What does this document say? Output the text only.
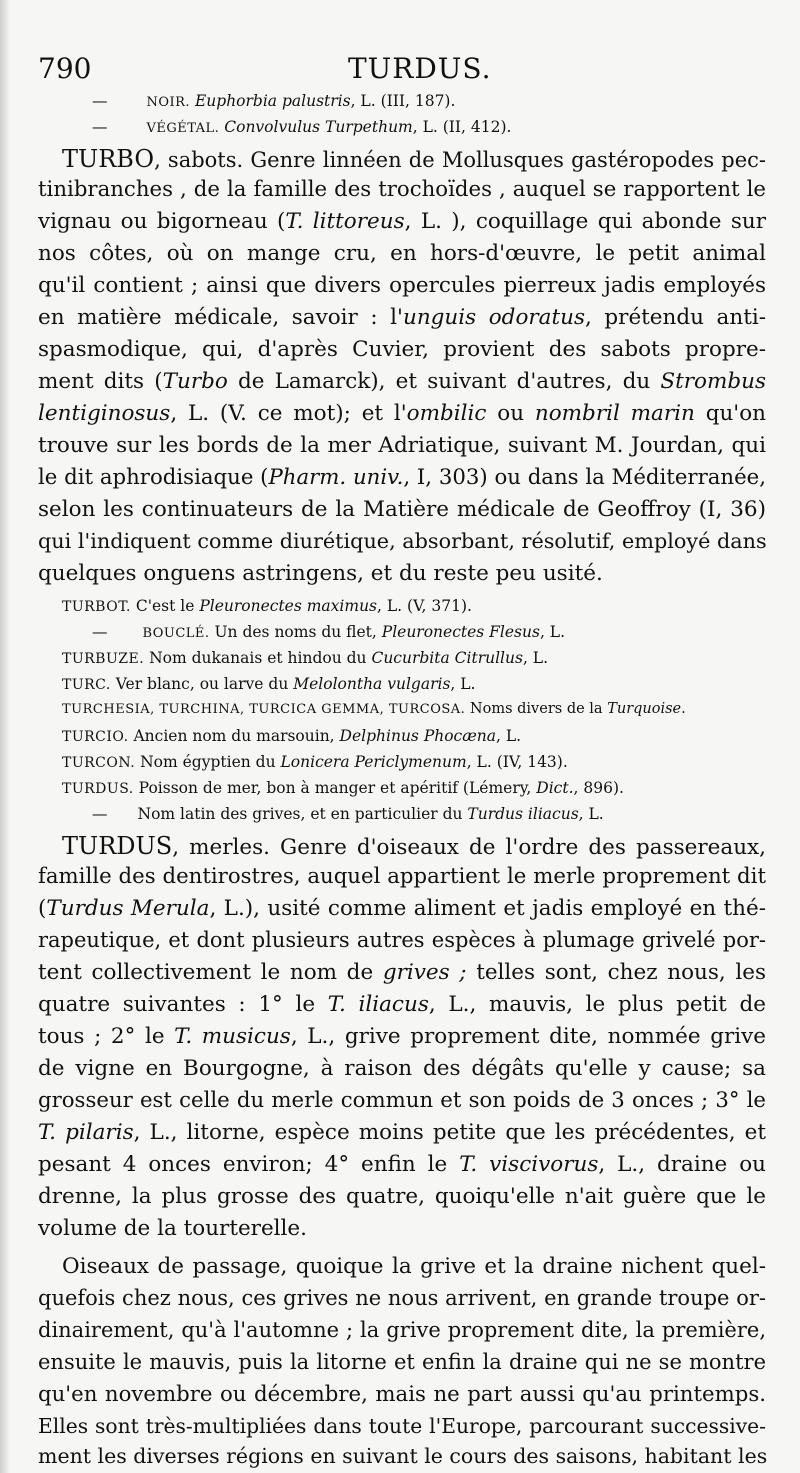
790	TURDUS.
—	NOIR. Euphorbia palustris, L. (III, 187).
—	VÉGÉTAL. Convolvulus Turpethum, L. (II, 412).
TURBO, sabots. Genre linnéen de Mollusques gastéropodes pec-
tinibranches , de la famille des trochoïdes , auquel se rapportent le
vignau ou bigorneau (T. littoreus, L. ), coquillage qui abonde sur
nos côtes, où on mange cru, en hors-d'œuvre, le petit animal
qu'il contient ; ainsi que divers opercules pierreux jadis employés
en matière médicale, savoir : l'unguis odoratus, prétendu anti-
spasmodique, qui, d'après Cuvier, provient des sabots propre-
ment dits (Turbo de Lamarck), et suivant d'autres, du Strombus
lentiginosus, L. (V. ce mot); et l'ombilic ou nombril marin qu'on
trouve sur les bords de la mer Adriatique, suivant M. Jourdan, qui
le dit aphrodisiaque (Pharm. univ., I, 303) ou dans la Méditerranée,
selon les continuateurs de la Matière médicale de Geoffroy (I, 36)
qui l'indiquent comme diurétique, absorbant, résolutif, employé dans
quelques onguens astringens, et du reste peu usité.
TURBOT. C'est le Pleuronectes maximus, L. (V, 371).
—	BOUCLÉ. Un des noms du flet, Pleuronectes Flesus, L.
TURBUZE. Nom dukanais et hindou du Cucurbita Citrullus, L.
TURC. Ver blanc, ou larve du Melolontha vulgaris, L.
TURCHESIA, TURCHINA, TURCICA GEMMA, TURCOSA. Noms divers de la Turquoise.
TURCIO. Ancien nom du marsouin, Delphinus Phocæna, L.
TURCON. Nom égyptien du Lonicera Periclymenum, L. (IV, 143).
TURDUS. Poisson de mer, bon à manger et apéritif (Lémery, Dict., 896).
— Nom latin des grives, et en particulier du Turdus iliacus, L.
TURDUS, merles. Genre d'oiseaux de l'ordre des passereaux,
famille des dentirostres, auquel appartient le merle proprement dit
(Turdus Merula, L.), usité comme aliment et jadis employé en thé-
rapeutique, et dont plusieurs autres espèces à plumage grivelé por-
tent collectivement le nom de grives ; telles sont, chez nous, les
quatre suivantes : 1° le T. iliacus, L., mauvis, le plus petit de
tous ; 2° le T. musicus, L., grive proprement dite, nommée grive
de vigne en Bourgogne, à raison des dégâts qu'elle y cause; sa
grosseur est celle du merle commun et son poids de 3 onces ; 3° le
T. pilaris, L., litorne, espèce moins petite que les précédentes, et
pesant 4 onces environ; 4° enfin le T. viscivorus, L., draine ou
drenne, la plus grosse des quatre, quoiqu'elle n'ait guère que le
volume de la tourterelle.
Oiseaux de passage, quoique la grive et la draine nichent quel-
quefois chez nous, ces grives ne nous arrivent, en grande troupe or-
dinairement, qu'à l'automne ; la grive proprement dite, la première,
ensuite le mauvis, puis la litorne et enfin la draine qui ne se montre
qu'en novembre ou décembre, mais ne part aussi qu'au printemps.
Elles sont très-multipliées dans toute l'Europe, parcourant successive-
ment les diverses régions en suivant le cours des saisons, habitant les
